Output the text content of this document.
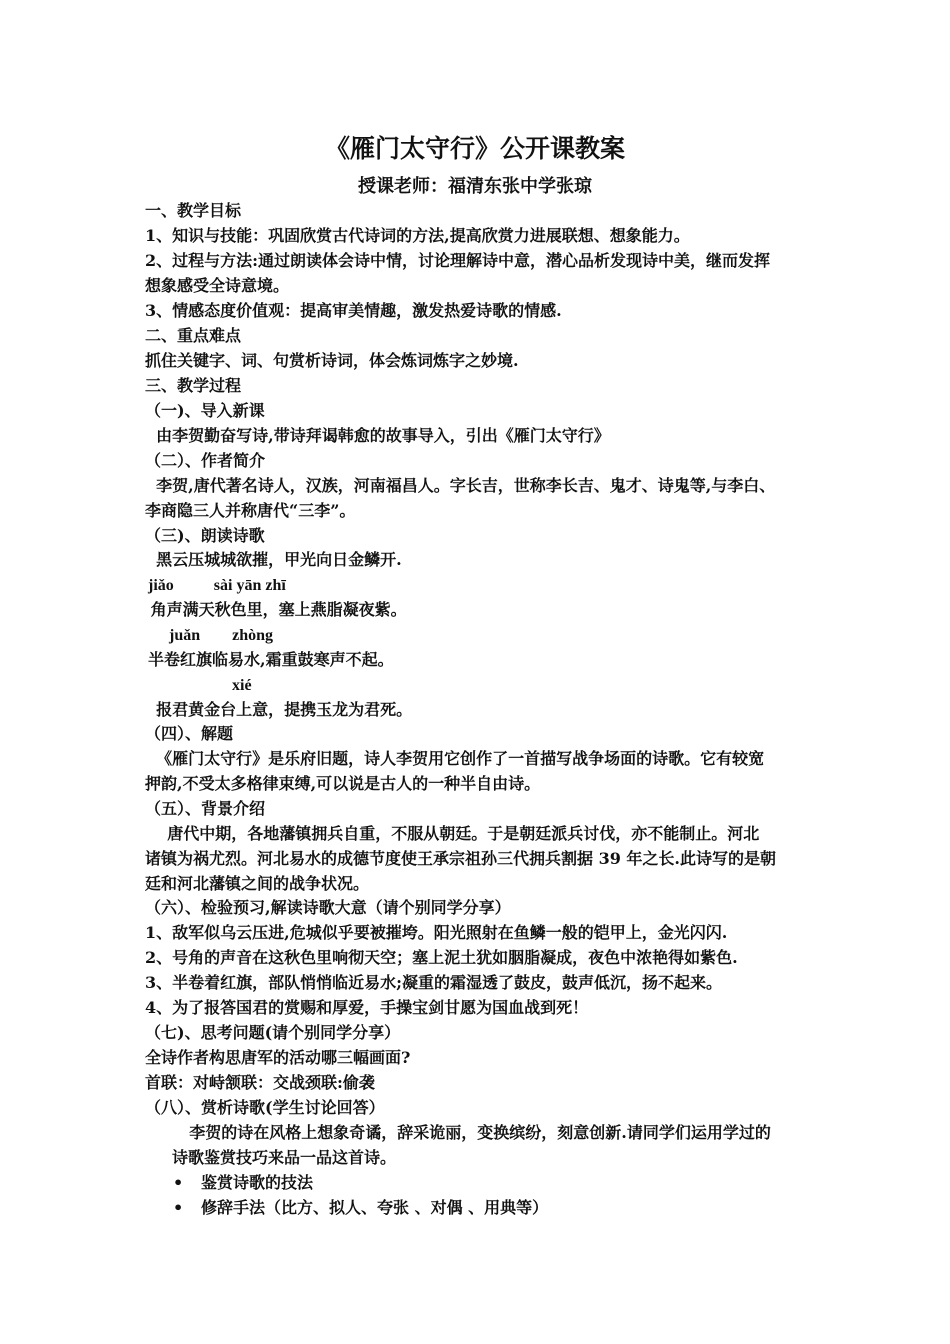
《雁门太守行》公开课教案
授课老师：福清东张中学张琼
一、教学目标
1、知识与技能：巩固欣赏古代诗词的方法,提高欣赏力进展联想、想象能力。
2、过程与方法:通过朗读体会诗中情，讨论理解诗中意，潜心品析发现诗中美，继而发挥
想象感受全诗意境。
3、情感态度价值观：提高审美情趣，激发热爱诗歌的情感.
二、重点难点
抓住关键字、词、句赏析诗词，体会炼词炼字之妙境.
三、教学过程
（一)、导入新课
由李贺勤奋写诗,带诗拜谒韩愈的故事导入，引出《雁门太守行》
（二）、作者简介
李贺,唐代著名诗人，汉族，河南福昌人。字长吉，世称李长吉、鬼才、诗鬼等,与李白、
李商隐三人并称唐代“三李”。
（三)、朗读诗歌
黑云压城城欲摧，甲光向日金鳞开.
jiǎo          sài yān zhī
角声满天秋色里，塞上燕脂凝夜紫。
juǎn        zhòng
半卷红旗临易水,霜重鼓寒声不起。
xié
报君黄金台上意，提携玉龙为君死。
（四）、解题
《雁门太守行》是乐府旧题，诗人李贺用它创作了一首描写战争场面的诗歌。它有较宽
押韵,不受太多格律束缚,可以说是古人的一种半自由诗。
（五）、背景介绍
唐代中期，各地藩镇拥兵自重，不服从朝廷。于是朝廷派兵讨伐，亦不能制止。河北
诸镇为祸尤烈。河北易水的成德节度使王承宗祖孙三代拥兵割据 39 年之长.此诗写的是朝
廷和河北藩镇之间的战争状况。
（六）、检验预习,解读诗歌大意（请个别同学分享）
1、敌军似乌云压进,危城似乎要被摧垮。阳光照射在鱼鳞一般的铠甲上，金光闪闪.
2、号角的声音在这秋色里响彻天空；塞上泥土犹如胭脂凝成，夜色中浓艳得如紫色.
3、半卷着红旗，部队悄悄临近易水;凝重的霜湿透了鼓皮，鼓声低沉，扬不起来。
4、为了报答国君的赏赐和厚爱，手操宝剑甘愿为国血战到死！
（七)、思考问题(请个别同学分享）
全诗作者构思唐军的活动哪三幅画面?
首联：对峙颔联：交战颈联:偷袭
（八）、赏析诗歌(学生讨论回答）
李贺的诗在风格上想象奇谲，辞采诡丽，变换缤纷，刻意创新.请同学们运用学过的
诗歌鉴赏技巧来品一品这首诗。
• 鉴赏诗歌的技法
• 修辞手法（比方、拟人、夸张 、对偶 、用典等）
